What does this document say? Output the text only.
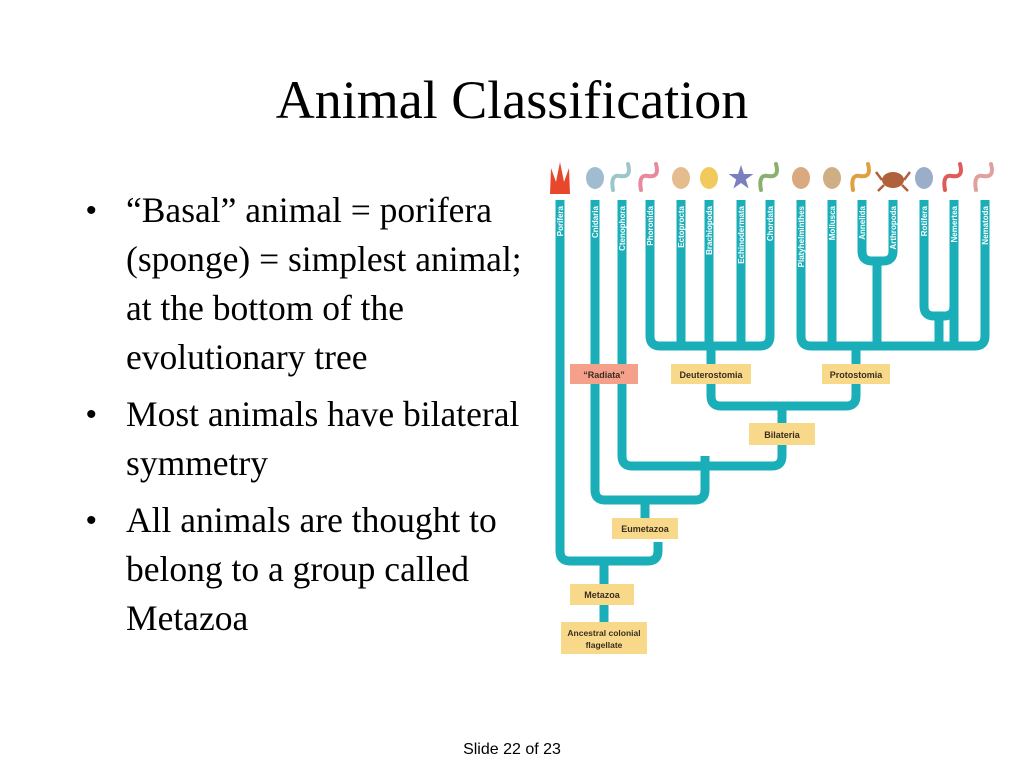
Animal Classification
• “Basal” animal = porifera (sponge) = simplest animal; at the bottom of the evolutionary tree
• Most animals have bilateral symmetry
• All animals are thought to belong to a group called Metazoa
Porifera	Cnidaria Ctenophora Phoronida	Ectoprocta Brachiopoda	Echinodermata	Chordata	Platyhelminthes	Mollusca	Annelida	Arthropoda	Rotifera	Nemertea	Nematoda
“Radiata”	Deuterostomia	Protostomia
Bilateria
Eumetazoa
Metazoa
Ancestral colonial
flagellate
Slide 22 of 23
